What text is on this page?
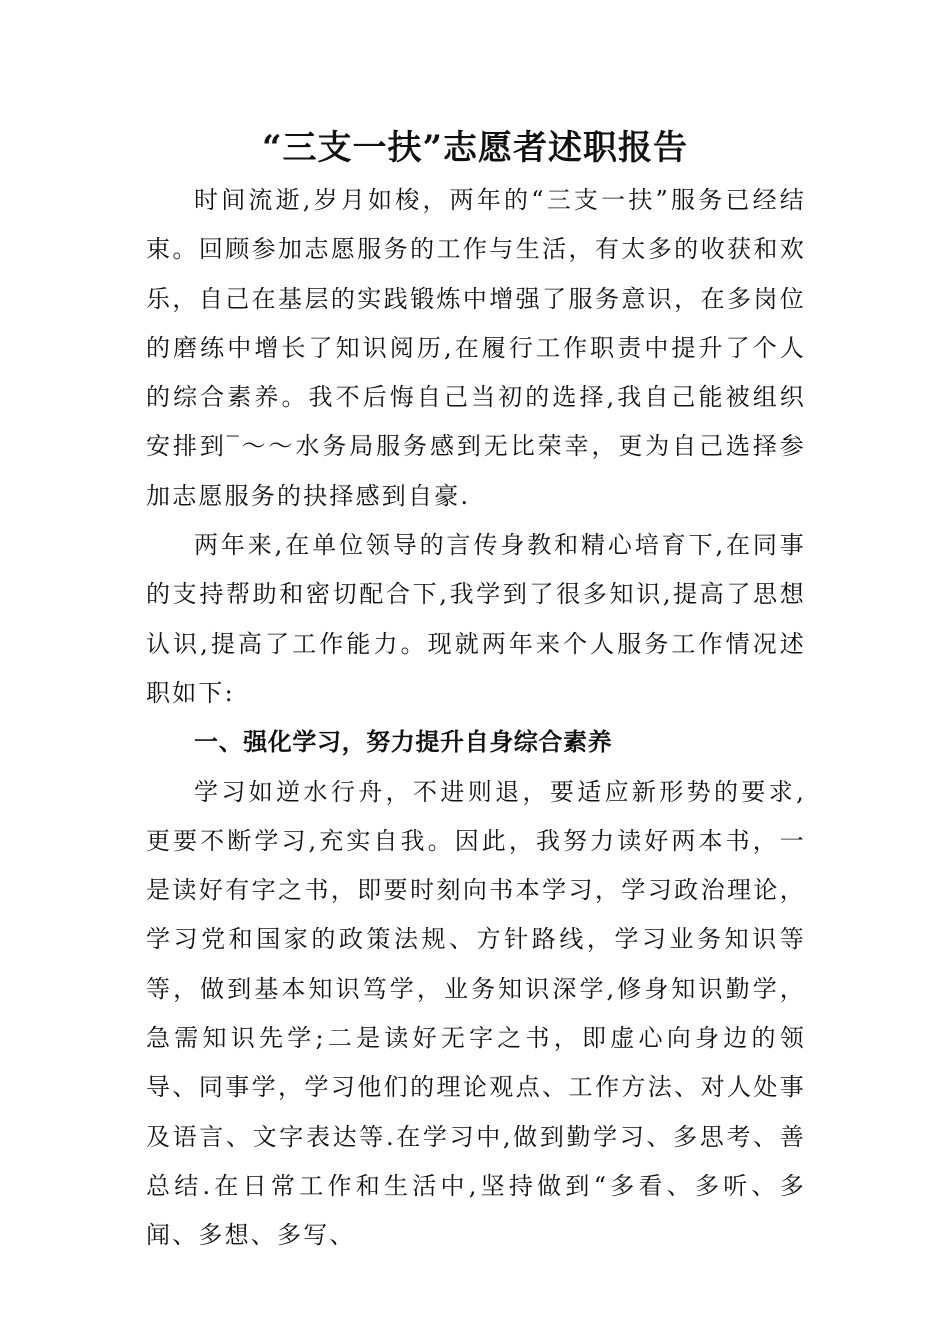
“三支一扶”志愿者述职报告

时间流逝,岁月如梭，两年的“三支一扶”服务已经结束。回顾参加志愿服务的工作与生活，有太多的收获和欢乐，自己在基层的实践锻炼中增强了服务意识，在多岗位的磨练中增长了知识阅历,在履行工作职责中提升了个人的综合素养。我不后悔自己当初的选择,我自己能被组织安排到‾～～水务局服务感到无比荣幸，更为自己选择参加志愿服务的抉择感到自豪.

两年来,在单位领导的言传身教和精心培育下,在同事的支持帮助和密切配合下,我学到了很多知识,提高了思想认识,提高了工作能力。现就两年来个人服务工作情况述职如下:

一、强化学习，努力提升自身综合素养

学习如逆水行舟，不进则退，要适应新形势的要求,更要不断学习,充实自我。因此，我努力读好两本书，一是读好有字之书，即要时刻向书本学习，学习政治理论，学习党和国家的政策法规、方针路线，学习业务知识等等，做到基本知识笃学，业务知识深学,修身知识勤学，急需知识先学;二是读好无字之书，即虚心向身边的领导、同事学，学习他们的理论观点、工作方法、对人处事及语言、文字表达等.在学习中,做到勤学习、多思考、善总结.在日常工作和生活中,坚持做到“多看、多听、多闻、多想、多写、
